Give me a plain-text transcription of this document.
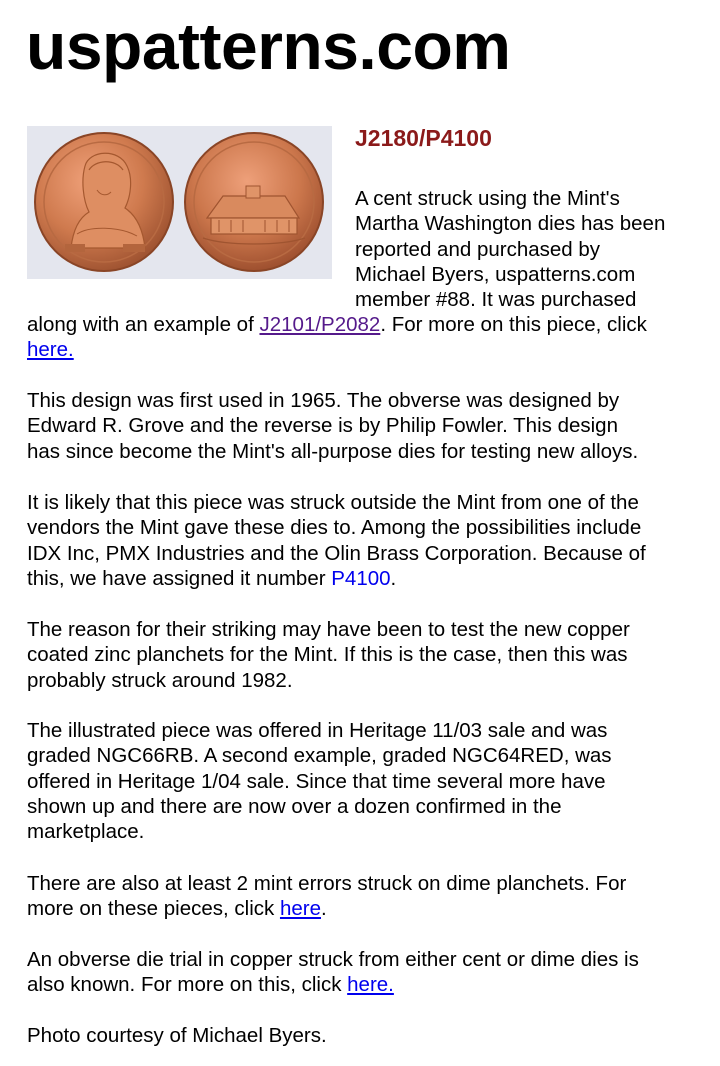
uspatterns.com
J2180/P4100
A cent struck using the Mint's
Martha Washington dies has been
reported and purchased by
Michael Byers, uspatterns.com
member #88. It was purchased
along with an example of J2101/P2082. For more on this piece, click
here.
This design was first used in 1965. The obverse was designed by
Edward R. Grove and the reverse is by Philip Fowler. This design
has since become the Mint's all-purpose dies for testing new alloys.
It is likely that this piece was struck outside the Mint from one of the
vendors the Mint gave these dies to. Among the possibilities include
IDX Inc, PMX Industries and the Olin Brass Corporation. Because of
this, we have assigned it number P4100.
The reason for their striking may have been to test the new copper
coated zinc planchets for the Mint. If this is the case, then this was
probably struck around 1982.
The illustrated piece was offered in Heritage 11/03 sale and was
graded NGC66RB. A second example, graded NGC64RED, was
offered in Heritage 1/04 sale. Since that time several more have
shown up and there are now over a dozen confirmed in the
marketplace.
There are also at least 2 mint errors struck on dime planchets. For
more on these pieces, click here.
An obverse die trial in copper struck from either cent or dime dies is
also known. For more on this, click here.
Photo courtesy of Michael Byers.
